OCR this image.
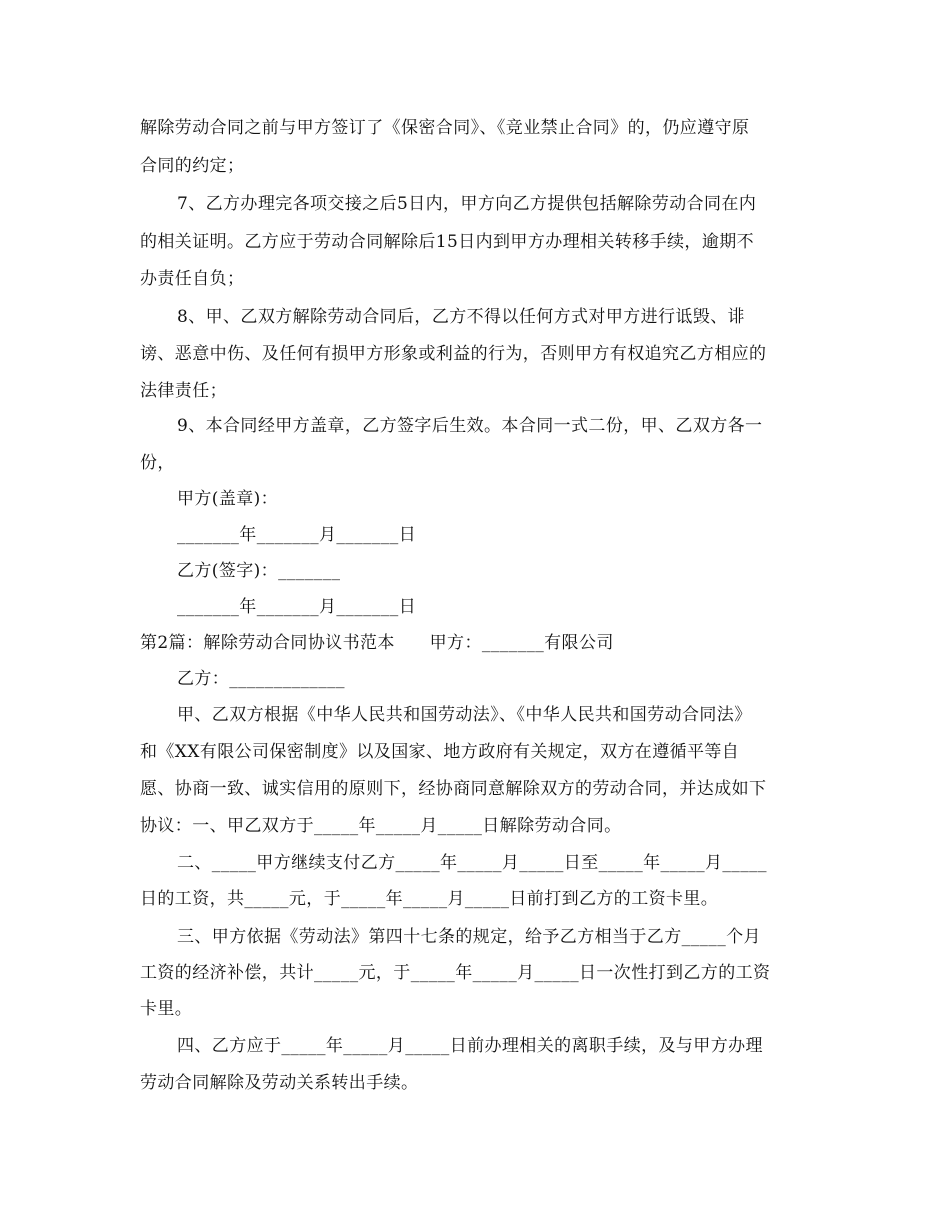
解除劳动合同之前与甲方签订了《保密合同》、《竞业禁止合同》的，仍应遵守原
合同的约定；
7、乙方办理完各项交接之后5日内，甲方向乙方提供包括解除劳动合同在内
的相关证明。乙方应于劳动合同解除后15日内到甲方办理相关转移手续，逾期不
办责任自负；
8、甲、乙双方解除劳动合同后，乙方不得以任何方式对甲方进行诋毁、诽
谤、恶意中伤、及任何有损甲方形象或利益的行为，否则甲方有权追究乙方相应的
法律责任；
9、本合同经甲方盖章，乙方签字后生效。本合同一式二份，甲、乙双方各一
份，
甲方(盖章)：
_______年_______月_______日
乙方(签字)：_______
_______年_______月_______日
第2篇：解除劳动合同协议书范本      甲方：_______有限公司
乙方：_____________
甲、乙双方根据《中华人民共和国劳动法》、《中华人民共和国劳动合同法》
和《XX有限公司保密制度》以及国家、地方政府有关规定，双方在遵循平等自
愿、协商一致、诚实信用的原则下，经协商同意解除双方的劳动合同，并达成如下
协议：一、甲乙双方于_____年_____月_____日解除劳动合同。
二、_____甲方继续支付乙方_____年_____月_____日至_____年_____月_____
日的工资，共_____元，于_____年_____月_____日前打到乙方的工资卡里。
三、甲方依据《劳动法》第四十七条的规定，给予乙方相当于乙方_____个月
工资的经济补偿，共计_____元，于_____年_____月_____日一次性打到乙方的工资
卡里。
四、乙方应于_____年_____月_____日前办理相关的离职手续，及与甲方办理
劳动合同解除及劳动关系转出手续。
